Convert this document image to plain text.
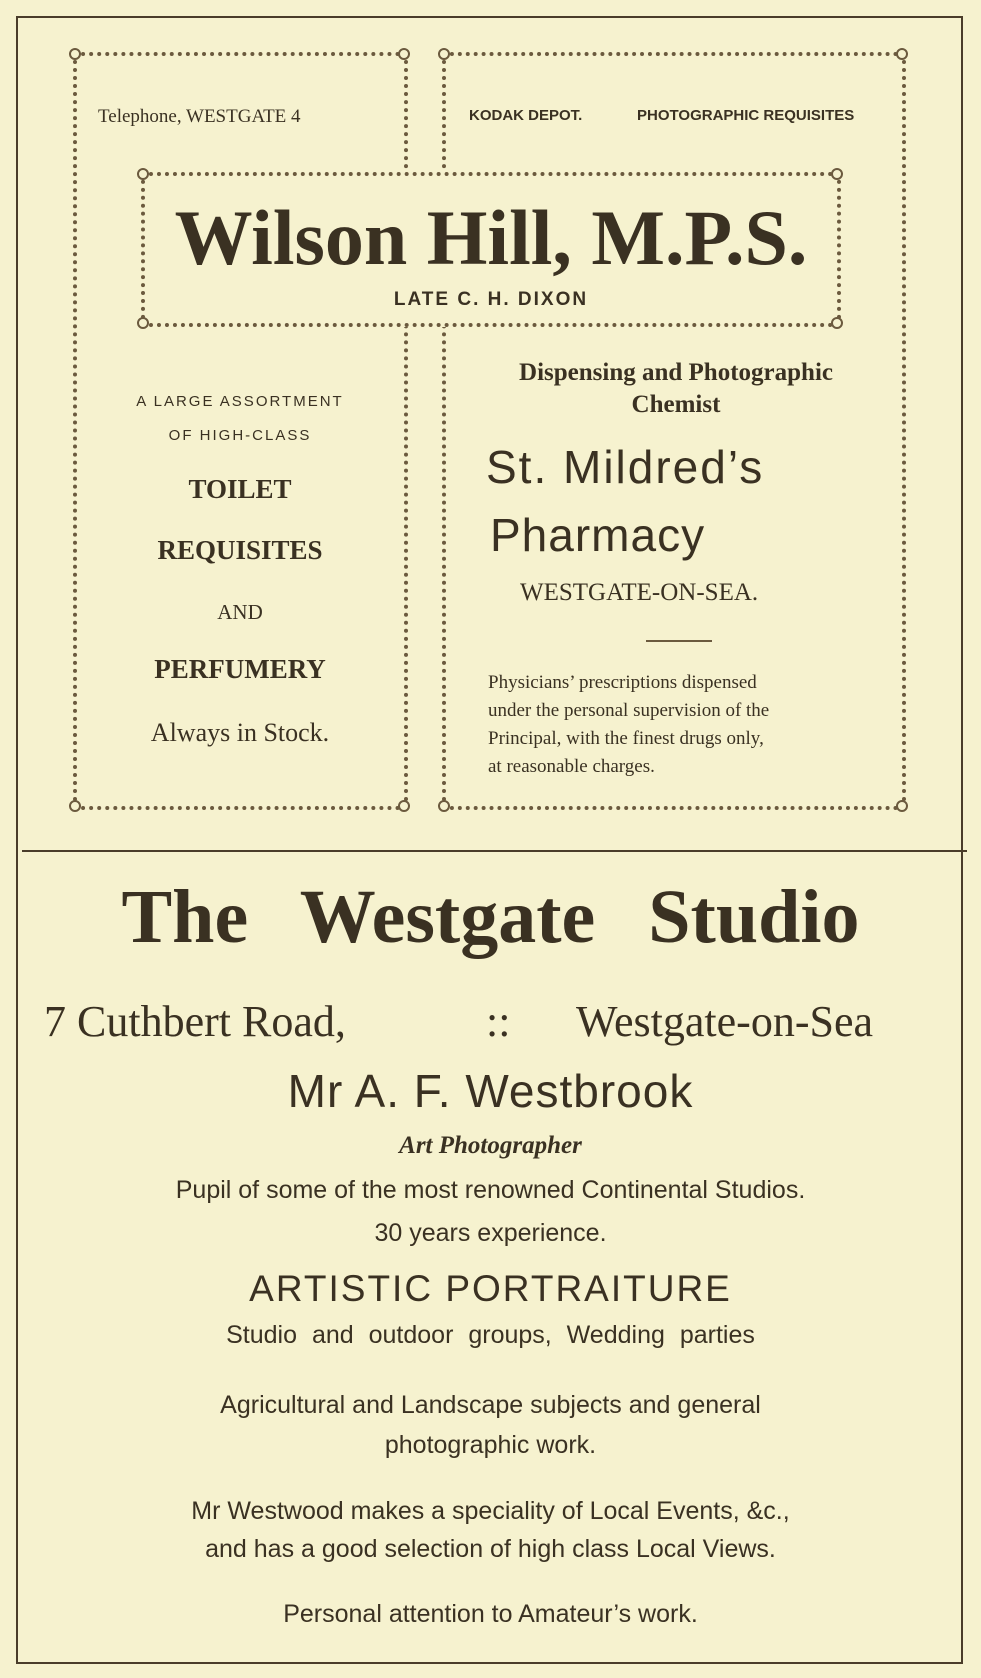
Telephone, WESTGATE 4	KODAK DEPOT.	PHOTOGRAPHIC REQUISITES
Wilson Hill, M.P.S.
LATE C. H. DIXON
A LARGE ASSORTMENT
OF HIGH-CLASS
TOILET
REQUISITES
AND
PERFUMERY
Always in Stock.
Dispensing and Photographic
Chemist
St. Mildred’s
Pharmacy
WESTGATE-ON-SEA.
Physicians’ prescriptions dispensed
under the personal supervision of the
Principal, with the finest drugs only,
at reasonable charges.
The Westgate Studio
7 Cuthbert Road,	:: Westgate-on-Sea
Mr A. F. Westbrook
Art Photographer
Pupil of some of the most renowned Continental Studios.
30 years experience.
ARTISTIC PORTRAITURE
Studio and outdoor groups, Wedding parties
Agricultural and Landscape subjects and general
photographic work.
Mr Westwood makes a speciality of Local Events, &c.,
and has a good selection of high class Local Views.
Personal attention to Amateur’s work.
